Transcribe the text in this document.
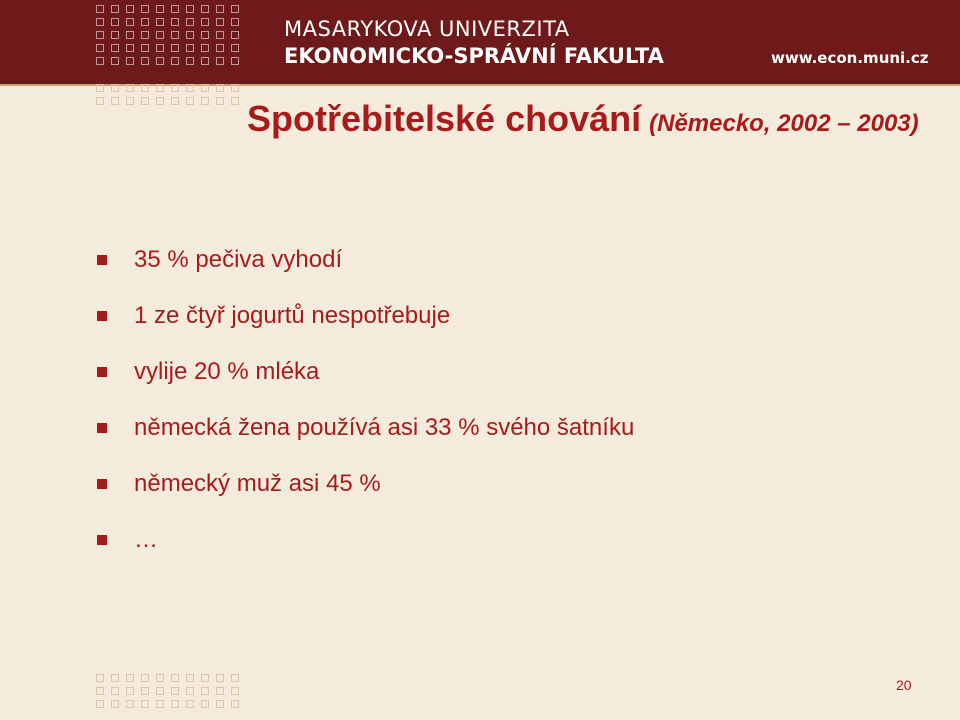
MASARYKOVA UNIVERZITA
EKONOMICKO-SPRÁVNÍ FAKULTA	www.econ.muni.cz
Spotřebitelské chování (Německo, 2002 – 2003)
35 % pečiva vyhodí
1 ze čtyř jogurtů nespotřebuje
vylije 20 % mléka
německá žena používá asi 33 % svého šatníku
německý muž asi 45 %
…
20
